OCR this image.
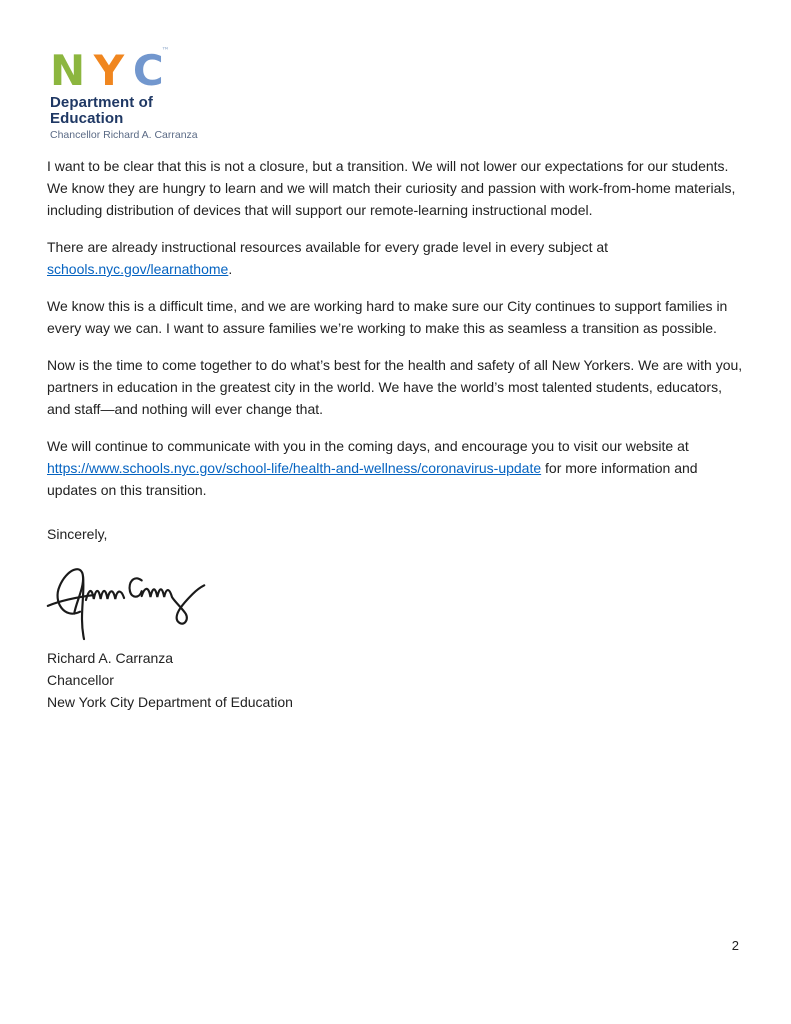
N Y C ™
Department of
Education
Chancellor Richard A. Carranza

I want to be clear that this is not a closure, but a transition. We will not lower our expectations for our students. We know they are hungry to learn and we will match their curiosity and passion with work-from-home materials, including distribution of devices that will support our remote-learning instructional model.

There are already instructional resources available for every grade level in every subject at schools.nyc.gov/learnathome.

We know this is a difficult time, and we are working hard to make sure our City continues to support families in every way we can. I want to assure families we’re working to make this as seamless a transition as possible.

Now is the time to come together to do what’s best for the health and safety of all New Yorkers. We are with you, partners in education in the greatest city in the world. We have the world’s most talented students, educators, and staff—and nothing will ever change that.

We will continue to communicate with you in the coming days, and encourage you to visit our website at https://www.schools.nyc.gov/school-life/health-and-wellness/coronavirus-update for more information and updates on this transition.

Sincerely,

Richard A. Carranza

Chancellor

New York City Department of Education

2
